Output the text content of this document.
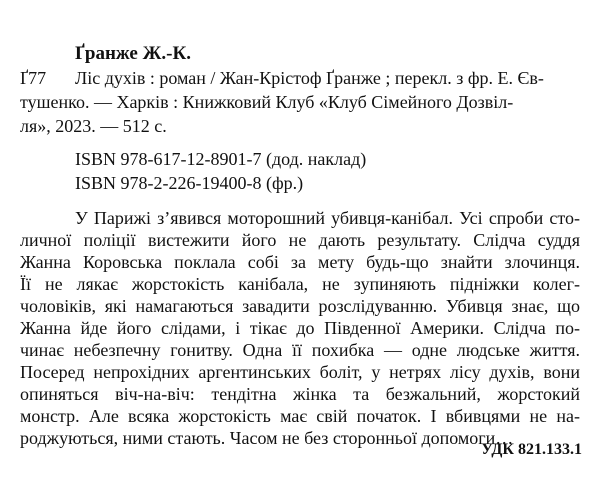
Ґранже Ж.-К.
Ґ77 Ліс духів : роман / Жан-Крістоф Ґранже ; перекл. з фр. Е. Єв-
тушенко. — Харків : Книжковий Клуб «Клуб Сімейного Дозвіл-
ля», 2023. — 512 с.
ISBN 978-617-12-8901-7 (дод. наклад)
ISBN 978-2-226-19400-8 (фр.)
У Парижі з’явився моторошний убивця-канібал. Усі спроби сто-
личної поліції вистежити його не дають результату. Слідча суддя
Жанна Коровська поклала собі за мету будь-що знайти злочинця.
Її не лякає жорстокість канібала, не зупиняють підніжки колег-
чоловіків, які намагаються завадити розслідуванню. Убивця знає, що
Жанна йде його слідами, і тікає до Південної Америки. Слідча по-
чинає небезпечну гонитву. Одна її похибка — одне людське життя.
Посеред непрохідних аргентинських боліт, у нетрях лісу духів, вони
опиняться віч-на-віч: тендітна жінка та безжальний, жорстокий
монстр. Але всяка жорстокість має свій початок. І вбивцями не на-
роджуються, ними стають. Часом не без сторонньої допомоги…
УДК 821.133.1
